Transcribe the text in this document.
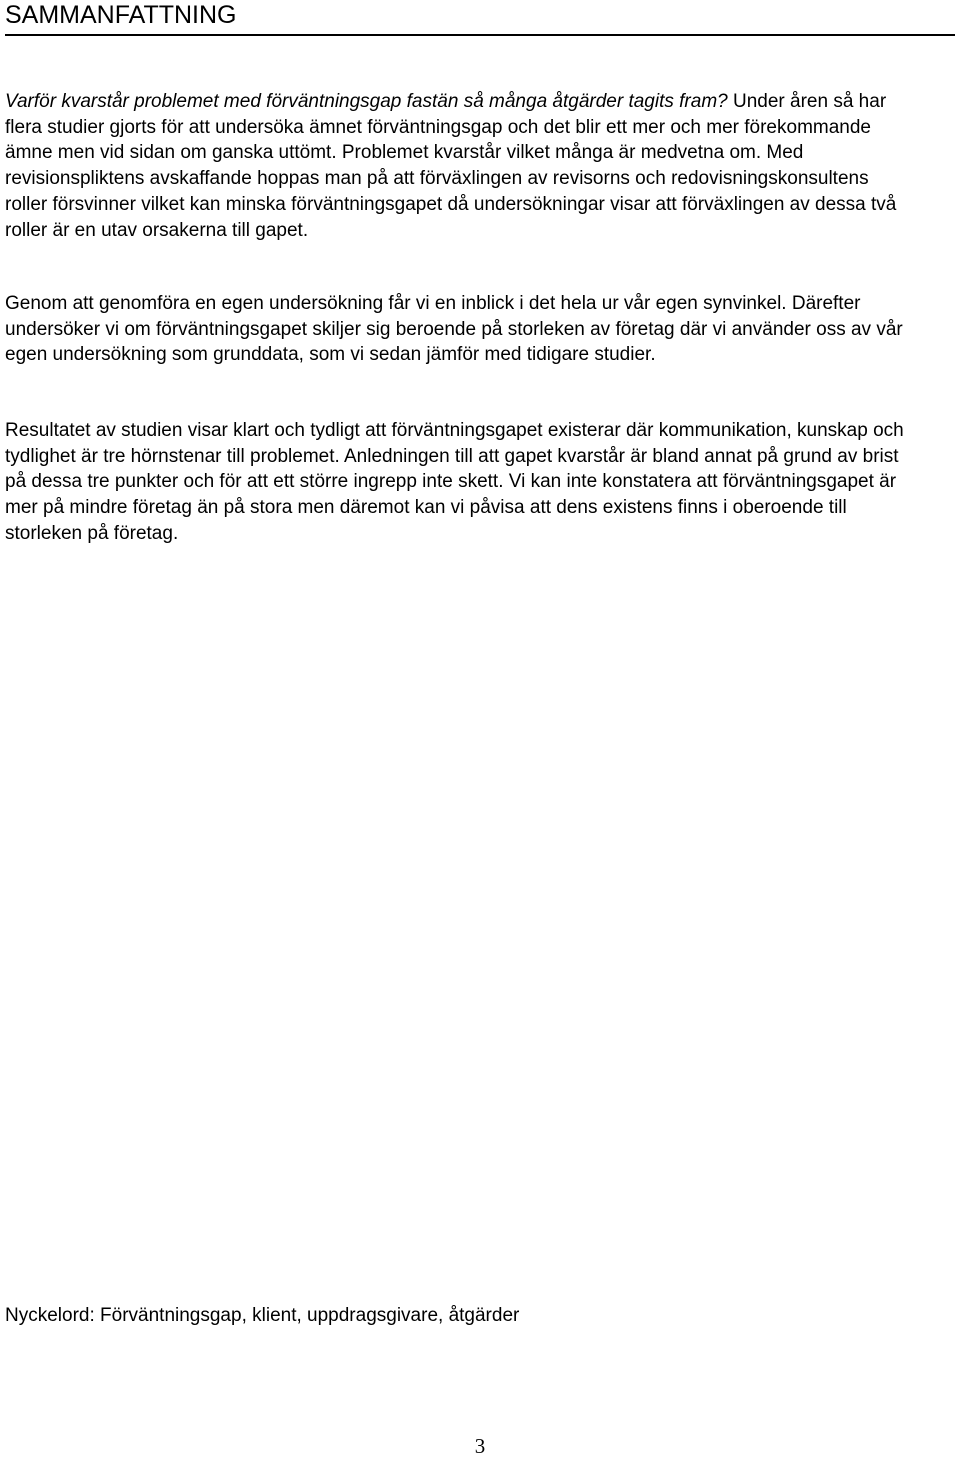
SAMMANFATTNING

Varför kvarstår problemet med förväntningsgap fastän så många åtgärder tagits fram? Under åren så har flera studier gjorts för att undersöka ämnet förväntningsgap och det blir ett mer och mer förekommande ämne men vid sidan om ganska uttömt. Problemet kvarstår vilket många är medvetna om. Med revisionspliktens avskaffande hoppas man på att förväxlingen av revisorns och redovisningskonsultens roller försvinner vilket kan minska förväntningsgapet då undersökningar visar att förväxlingen av dessa två roller är en utav orsakerna till gapet.

Genom att genomföra en egen undersökning får vi en inblick i det hela ur vår egen synvinkel. Därefter undersöker vi om förväntningsgapet skiljer sig beroende på storleken av företag där vi använder oss av vår egen undersökning som grunddata, som vi sedan jämför med tidigare studier.

Resultatet av studien visar klart och tydligt att förväntningsgapet existerar där kommunikation, kunskap och tydlighet är tre hörnstenar till problemet. Anledningen till att gapet kvarstår är bland annat på grund av brist på dessa tre punkter och för att ett större ingrepp inte skett. Vi kan inte konstatera att förväntningsgapet är mer på mindre företag än på stora men däremot kan vi påvisa att dens existens finns i oberoende till storleken på företag.

Nyckelord: Förväntningsgap, klient, uppdragsgivare, åtgärder

3
